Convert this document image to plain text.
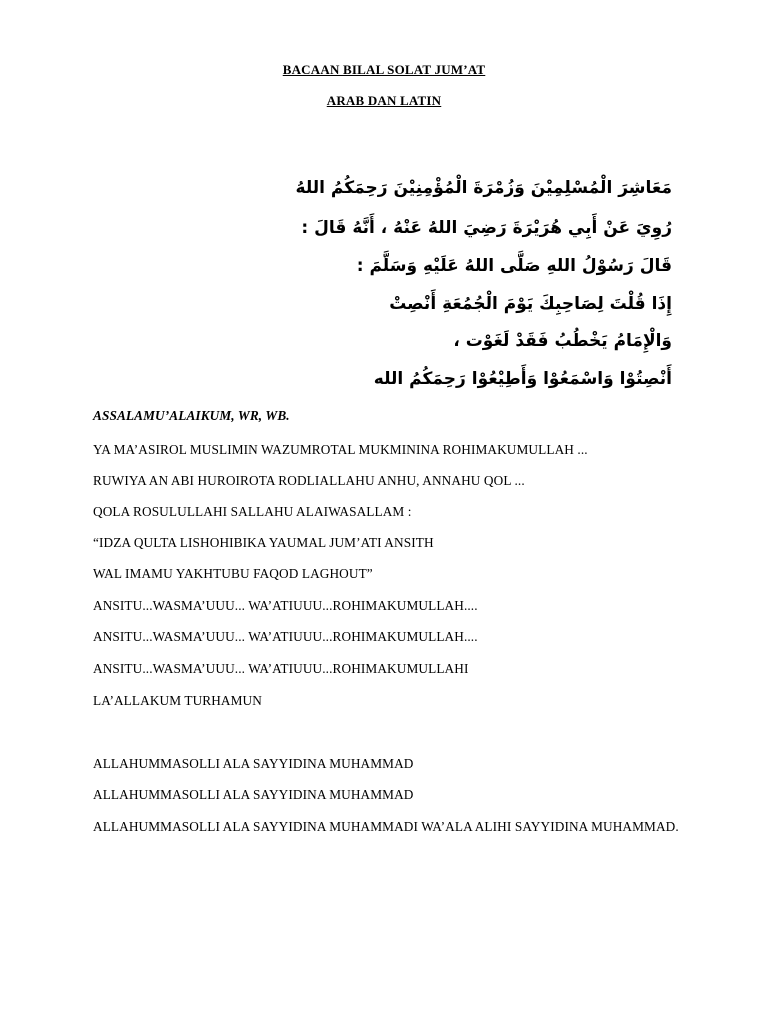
BACAAN BILAL SOLAT JUM’AT
ARAB DAN LATIN
مَعَاشِرَ الْمُسْلِمِيْنَ وَزُمْرَةَ الْمُؤْمِنِيْنَ رَحِمَكُمُ اللهُ
رُوِيَ عَنْ أَبِي هُرَيْرَةَ رَضِيَ اللهُ عَنْهُ ، أَنَّهُ قَالَ :
قَالَ رَسُوْلُ اللهِ صَلَّى اللهُ عَلَيْهِ وَسَلَّمَ :
إِذَا قُلْتَ لِصَاحِبِكَ يَوْمَ الْجُمُعَةِ أَنْصِتْ
وَالْإِمَامُ يَخْطُبُ فَقَدْ لَغَوْت ،
أَنْصِتُوْا وَاسْمَعُوْا وَأَطِيْعُوْا رَحِمَكُمُ الله
ASSALAMU’ALAIKUM, WR, WB.
YA MA’ASIROL MUSLIMIN WAZUMROTAL MUKMININA ROHIMAKUMULLAH ...
RUWIYA AN ABI HUROIROTA RODLIALLAHU ANHU, ANNAHU QOL ...
QOLA ROSULULLAHI SALLAHU ALAIWASALLAM :
“IDZA QULTA LISHOHIBIKA YAUMAL JUM’ATI ANSITH
WAL IMAMU YAKHTUBU FAQOD LAGHOUT”
ANSITU...WASMA’UUU... WA’ATIUUU...ROHIMAKUMULLAH....
ANSITU...WASMA’UUU... WA’ATIUUU...ROHIMAKUMULLAH....
ANSITU...WASMA’UUU... WA’ATIUUU...ROHIMAKUMULLAHI
LA’ALLAKUM TURHAMUN
ALLAHUMMASOLLI ALA SAYYIDINA MUHAMMAD
ALLAHUMMASOLLI ALA SAYYIDINA MUHAMMAD
ALLAHUMMASOLLI ALA SAYYIDINA MUHAMMADI WA’ALA ALIHI SAYYIDINA MUHAMMAD.
